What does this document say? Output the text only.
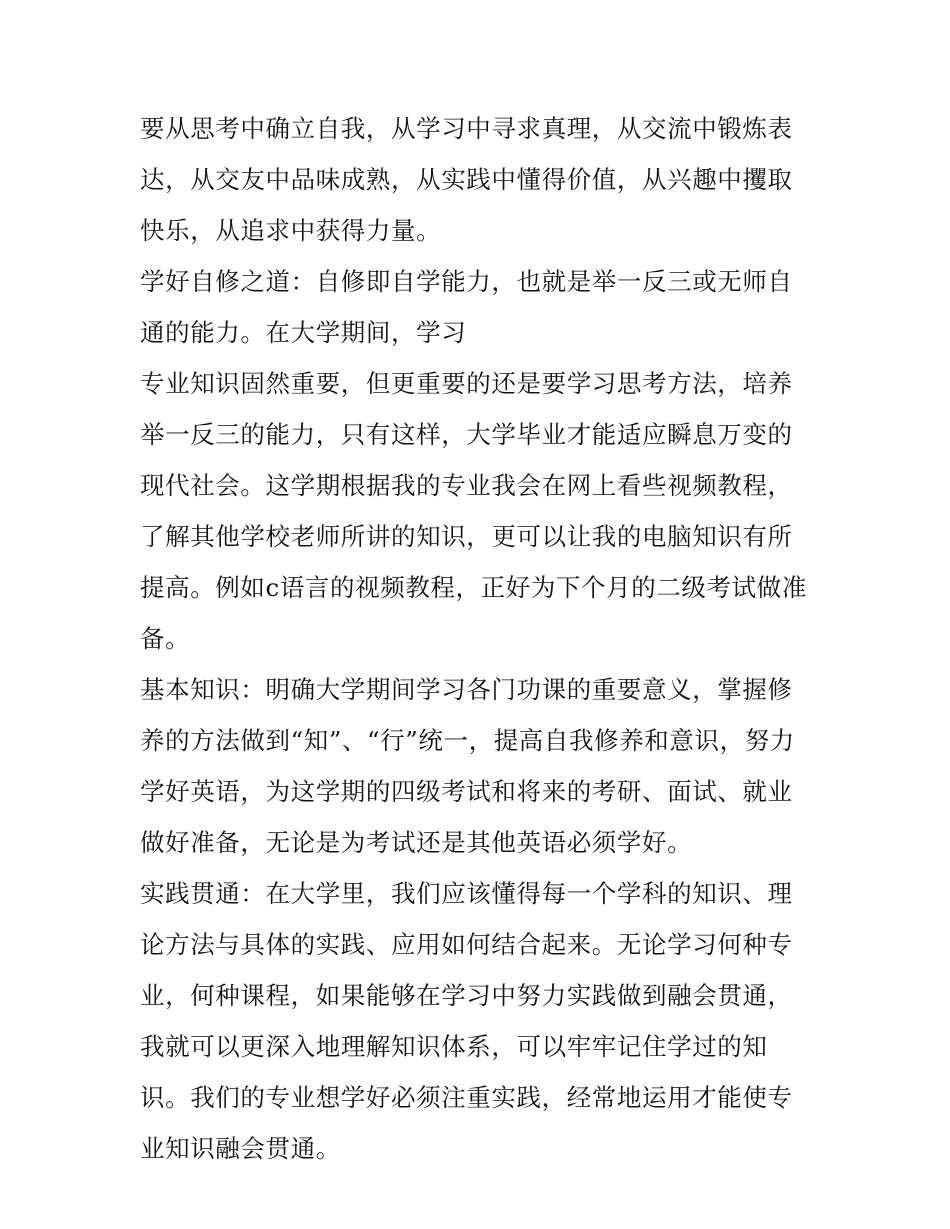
要从思考中确立自我，从学习中寻求真理，从交流中锻炼表达，从交友中品味成熟，从实践中懂得价值，从兴趣中攫取快乐，从追求中获得力量。

学好自修之道：自修即自学能力，也就是举一反三或无师自通的能力。在大学期间，学习

专业知识固然重要，但更重要的还是要学习思考方法，培养举一反三的能力，只有这样，大学毕业才能适应瞬息万变的现代社会。这学期根据我的专业我会在网上看些视频教程，了解其他学校老师所讲的知识，更可以让我的电脑知识有所提高。例如c语言的视频教程，正好为下个月的二级考试做准备。

基本知识：明确大学期间学习各门功课的重要意义，掌握修养的方法做到“知”、“行”统一，提高自我修养和意识，努力学好英语，为这学期的四级考试和将来的考研、面试、就业做好准备，无论是为考试还是其他英语必须学好。

实践贯通：在大学里，我们应该懂得每一个学科的知识、理论方法与具体的实践、应用如何结合起来。无论学习何种专业，何种课程，如果能够在学习中努力实践做到融会贯通，我就可以更深入地理解知识体系，可以牢牢记住学过的知识。我们的专业想学好必须注重实践，经常地运用才能使专业知识融会贯通。
